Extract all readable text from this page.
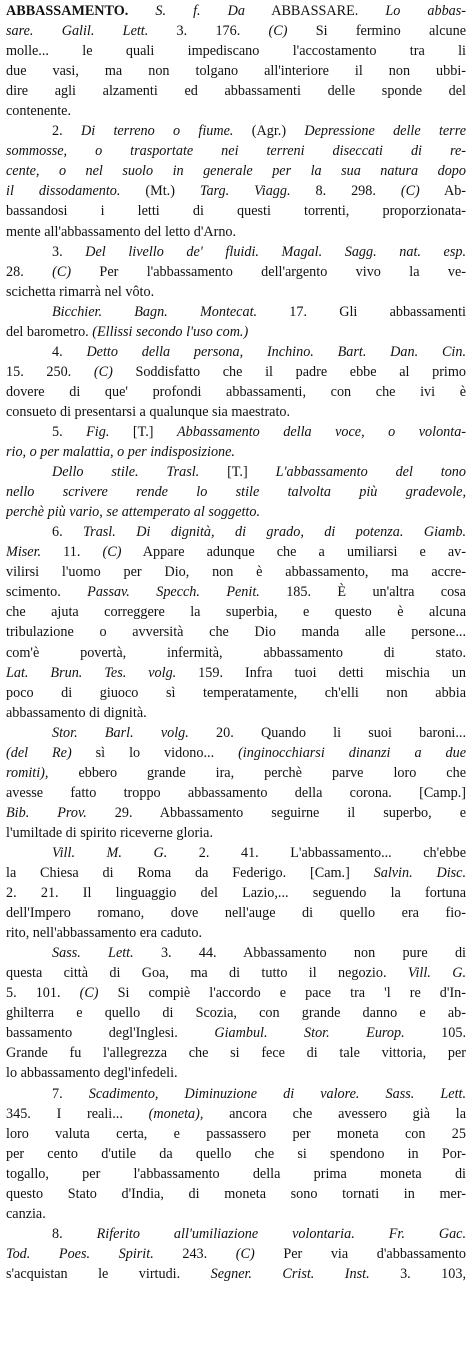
ABBASSAMENTO. S. f. Da ABBASSARE. Lo abbas-
sare. Galil. Lett. 3. 176. (C) Si fermino alcune
molle... le quali impediscano l'accostamento tra li
due vasi, ma non tolgano all'interiore il non ubbi-
dire agli alzamenti ed abbassamenti delle sponde del
contenente.
2. Di terreno o fiume. (Agr.) Depressione delle terre
sommosse, o trasportate nei terreni diseccati di re-
cente, o nel suolo in generale per la sua natura dopo
il dissodamento. (Mt.) Targ. Viagg. 8. 298. (C) Ab-
bassandosi i letti di questi torrenti, proporzionata-
mente all'abbassamento del letto d'Arno.
3. Del livello de' fluidi. Magal. Sagg. nat. esp.
28. (C) Per l'abbassamento dell'argento vivo la ve-
scichetta rimarrà nel vôto.
Bicchier. Bagn. Montecat. 17. Gli abbassamenti
del barometro. (Ellissi secondo l'uso com.)
4. Detto della persona, Inchino. Bart. Dan. Cin.
15. 250. (C) Soddisfatto che il padre ebbe al primo
dovere di que' profondi abbassamenti, con che ivi è
consueto di presentarsi a qualunque sia maestrato.
5. Fig. [T.] Abbassamento della voce, o volonta-
rio, o per malattia, o per indisposizione.
Dello stile. Trasl. [T.] L'abbassamento del tono
nello scrivere rende lo stile talvolta più gradevole,
perchè più vario, se attemperato al soggetto.
6. Trasl. Di dignità, di grado, di potenza. Giamb.
Miser. 11. (C) Appare adunque che a umiliarsi e av-
vilirsi l'uomo per Dio, non è abbassamento, ma accre-
scimento. Passav. Specch. Penit. 185. È un'altra cosa
che ajuta correggere la superbia, e questo è alcuna
tribulazione o avversità che Dio manda alle persone...
com'è povertà, infermità, abbassamento di stato.
Lat. Brun. Tes. volg. 159. Infra tuoi detti mischia un
poco di giuoco sì temperatamente, ch'elli non abbia
abbassamento di dignità.
Stor. Barl. volg. 20. Quando li suoi baroni...
(del Re) sì lo vidono... (inginocchiarsi dinanzi a due
romiti), ebbero grande ira, perchè parve loro che
avesse fatto troppo abbassamento della corona. [Camp.]
Bib. Prov. 29. Abbassamento seguirne il superbo, e
l'umiltade di spirito riceverne gloria.
Vill. M. G. 2. 41. L'abbassamento... ch'ebbe
la Chiesa di Roma da Federigo. [Cam.] Salvin. Disc.
2. 21. Il linguaggio del Lazio,... seguendo la fortuna
dell'Impero romano, dove nell'auge di quello era fio-
rito, nell'abbassamento era caduto.
Sass. Lett. 3. 44. Abbassamento non pure di
questa città di Goa, ma di tutto il negozio. Vill. G.
5. 101. (C) Si compiè l'accordo e pace tra 'l re d'In-
ghilterra e quello di Scozia, con grande danno e ab-
bassamento degl'Inglesi. Giambul. Stor. Europ. 105.
Grande fu l'allegrezza che si fece di tale vittoria, per
lo abbassamento degl'infedeli.
7. Scadimento, Diminuzione di valore. Sass. Lett.
345. I reali... (moneta), ancora che avessero già la
loro valuta certa, e passassero per moneta con 25
per cento d'utile da quello che si spendono in Por-
togallo, per l'abbassamento della prima moneta di
questo Stato d'India, di moneta sono tornati in mer-
canzia.
8. Riferito all'umiliazione volontaria. Fr. Gac.
Tod. Poes. Spirit. 243. (C) Per via d'abbassamento
s'acquistan le virtudi. Segner. Crist. Inst. 3. 103,
